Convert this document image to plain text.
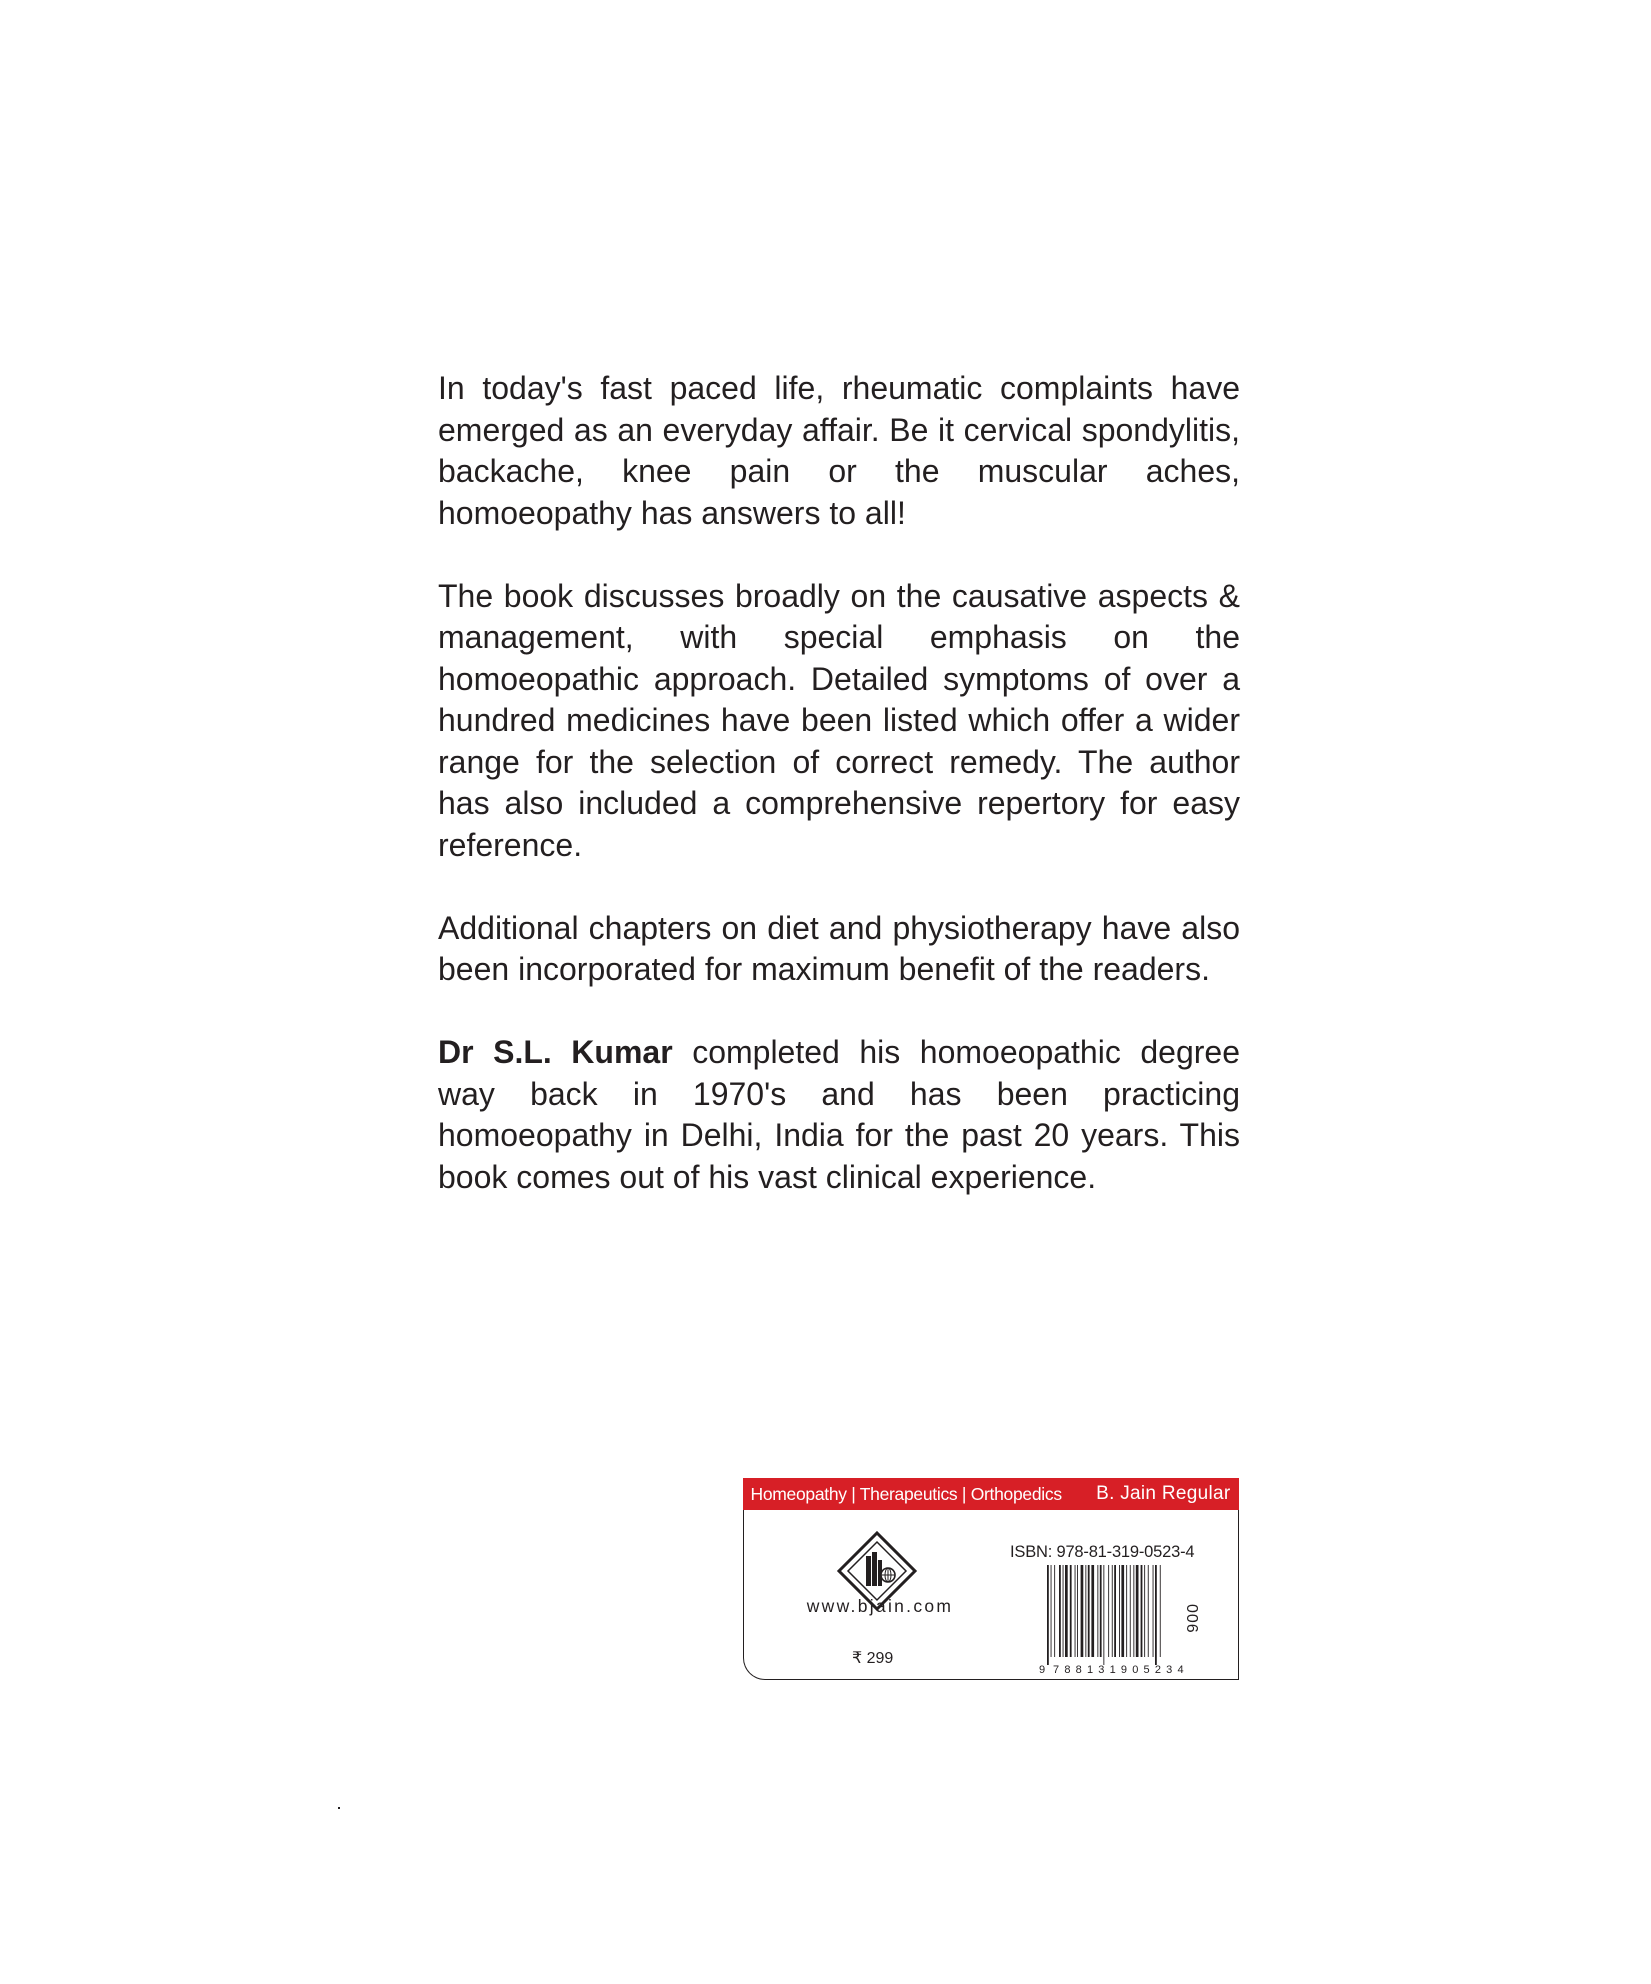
In today's fast paced life, rheumatic complaints have emerged as an everyday affair. Be it cervical spondylitis, backache, knee pain or the muscular aches, homoeopathy has answers to all!

The book discusses broadly on the causative aspects & management, with special emphasis on the homoeopathic approach. Detailed symptoms of over a hundred medicines have been listed which offer a wider range for the selection of correct remedy. The author has also included a comprehensive repertory for easy reference.

Additional chapters on diet and physiotherapy have also been incorporated for maximum benefit of the readers.

Dr S.L. Kumar completed his homoeopathic degree way back in 1970's and has been practicing homoeopathy in Delhi, India for the past 20 years. This book comes out of his vast clinical experience.

Homeopathy | Therapeutics | Orthopedics B. Jain Regular
www.bjain.com
₹ 299
ISBN: 978-81-319-0523-4
9 788131905234
006
